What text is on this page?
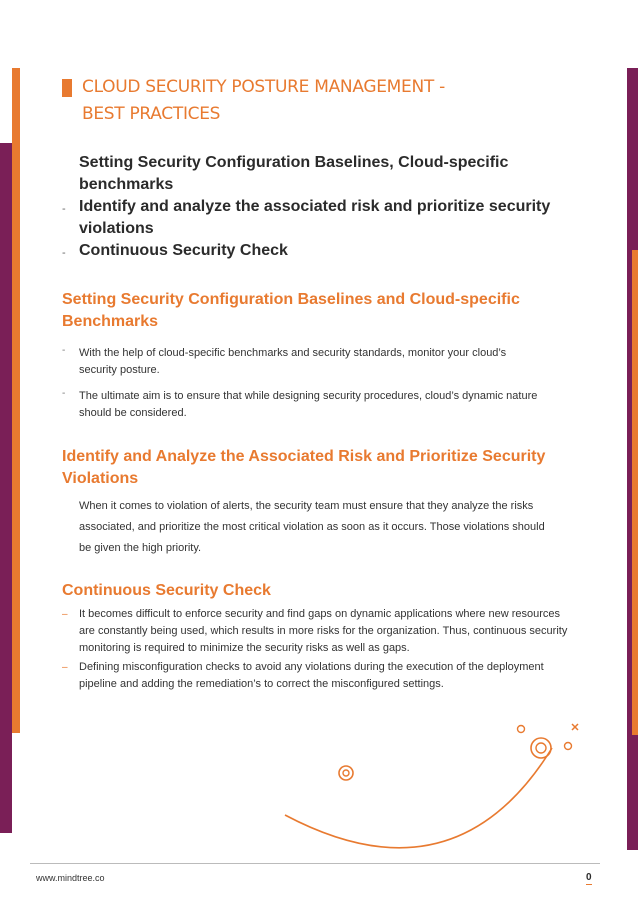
CLOUD SECURITY POSTURE MANAGEMENT -
BEST PRACTICES
Setting Security Configuration Baselines, Cloud-specific benchmarks
- Identify and analyze the associated risk and prioritize security violations
- Continuous Security Check
Setting Security Configuration Baselines and Cloud-specific Benchmarks
- With the help of cloud-specific benchmarks and security standards, monitor your cloud’s security posture.
- The ultimate aim is to ensure that while designing security procedures, cloud’s dynamic nature should be considered.
Identify and Analyze the Associated Risk and Prioritize Security Violations
When it comes to violation of alerts, the security team must ensure that they analyze the risks associated, and prioritize the most critical violation as soon as it occurs. Those violations should be given the high priority.
Continuous Security Check
– It becomes difficult to enforce security and find gaps on dynamic applications where new resources are constantly being used, which results in more risks for the organization. Thus, continuous security monitoring is required to minimize the security risks as well as gaps.
– Defining misconfiguration checks to avoid any violations during the execution of the deployment pipeline and adding the remediation’s to correct the misconfigured settings.
www.mindtree.co	0
